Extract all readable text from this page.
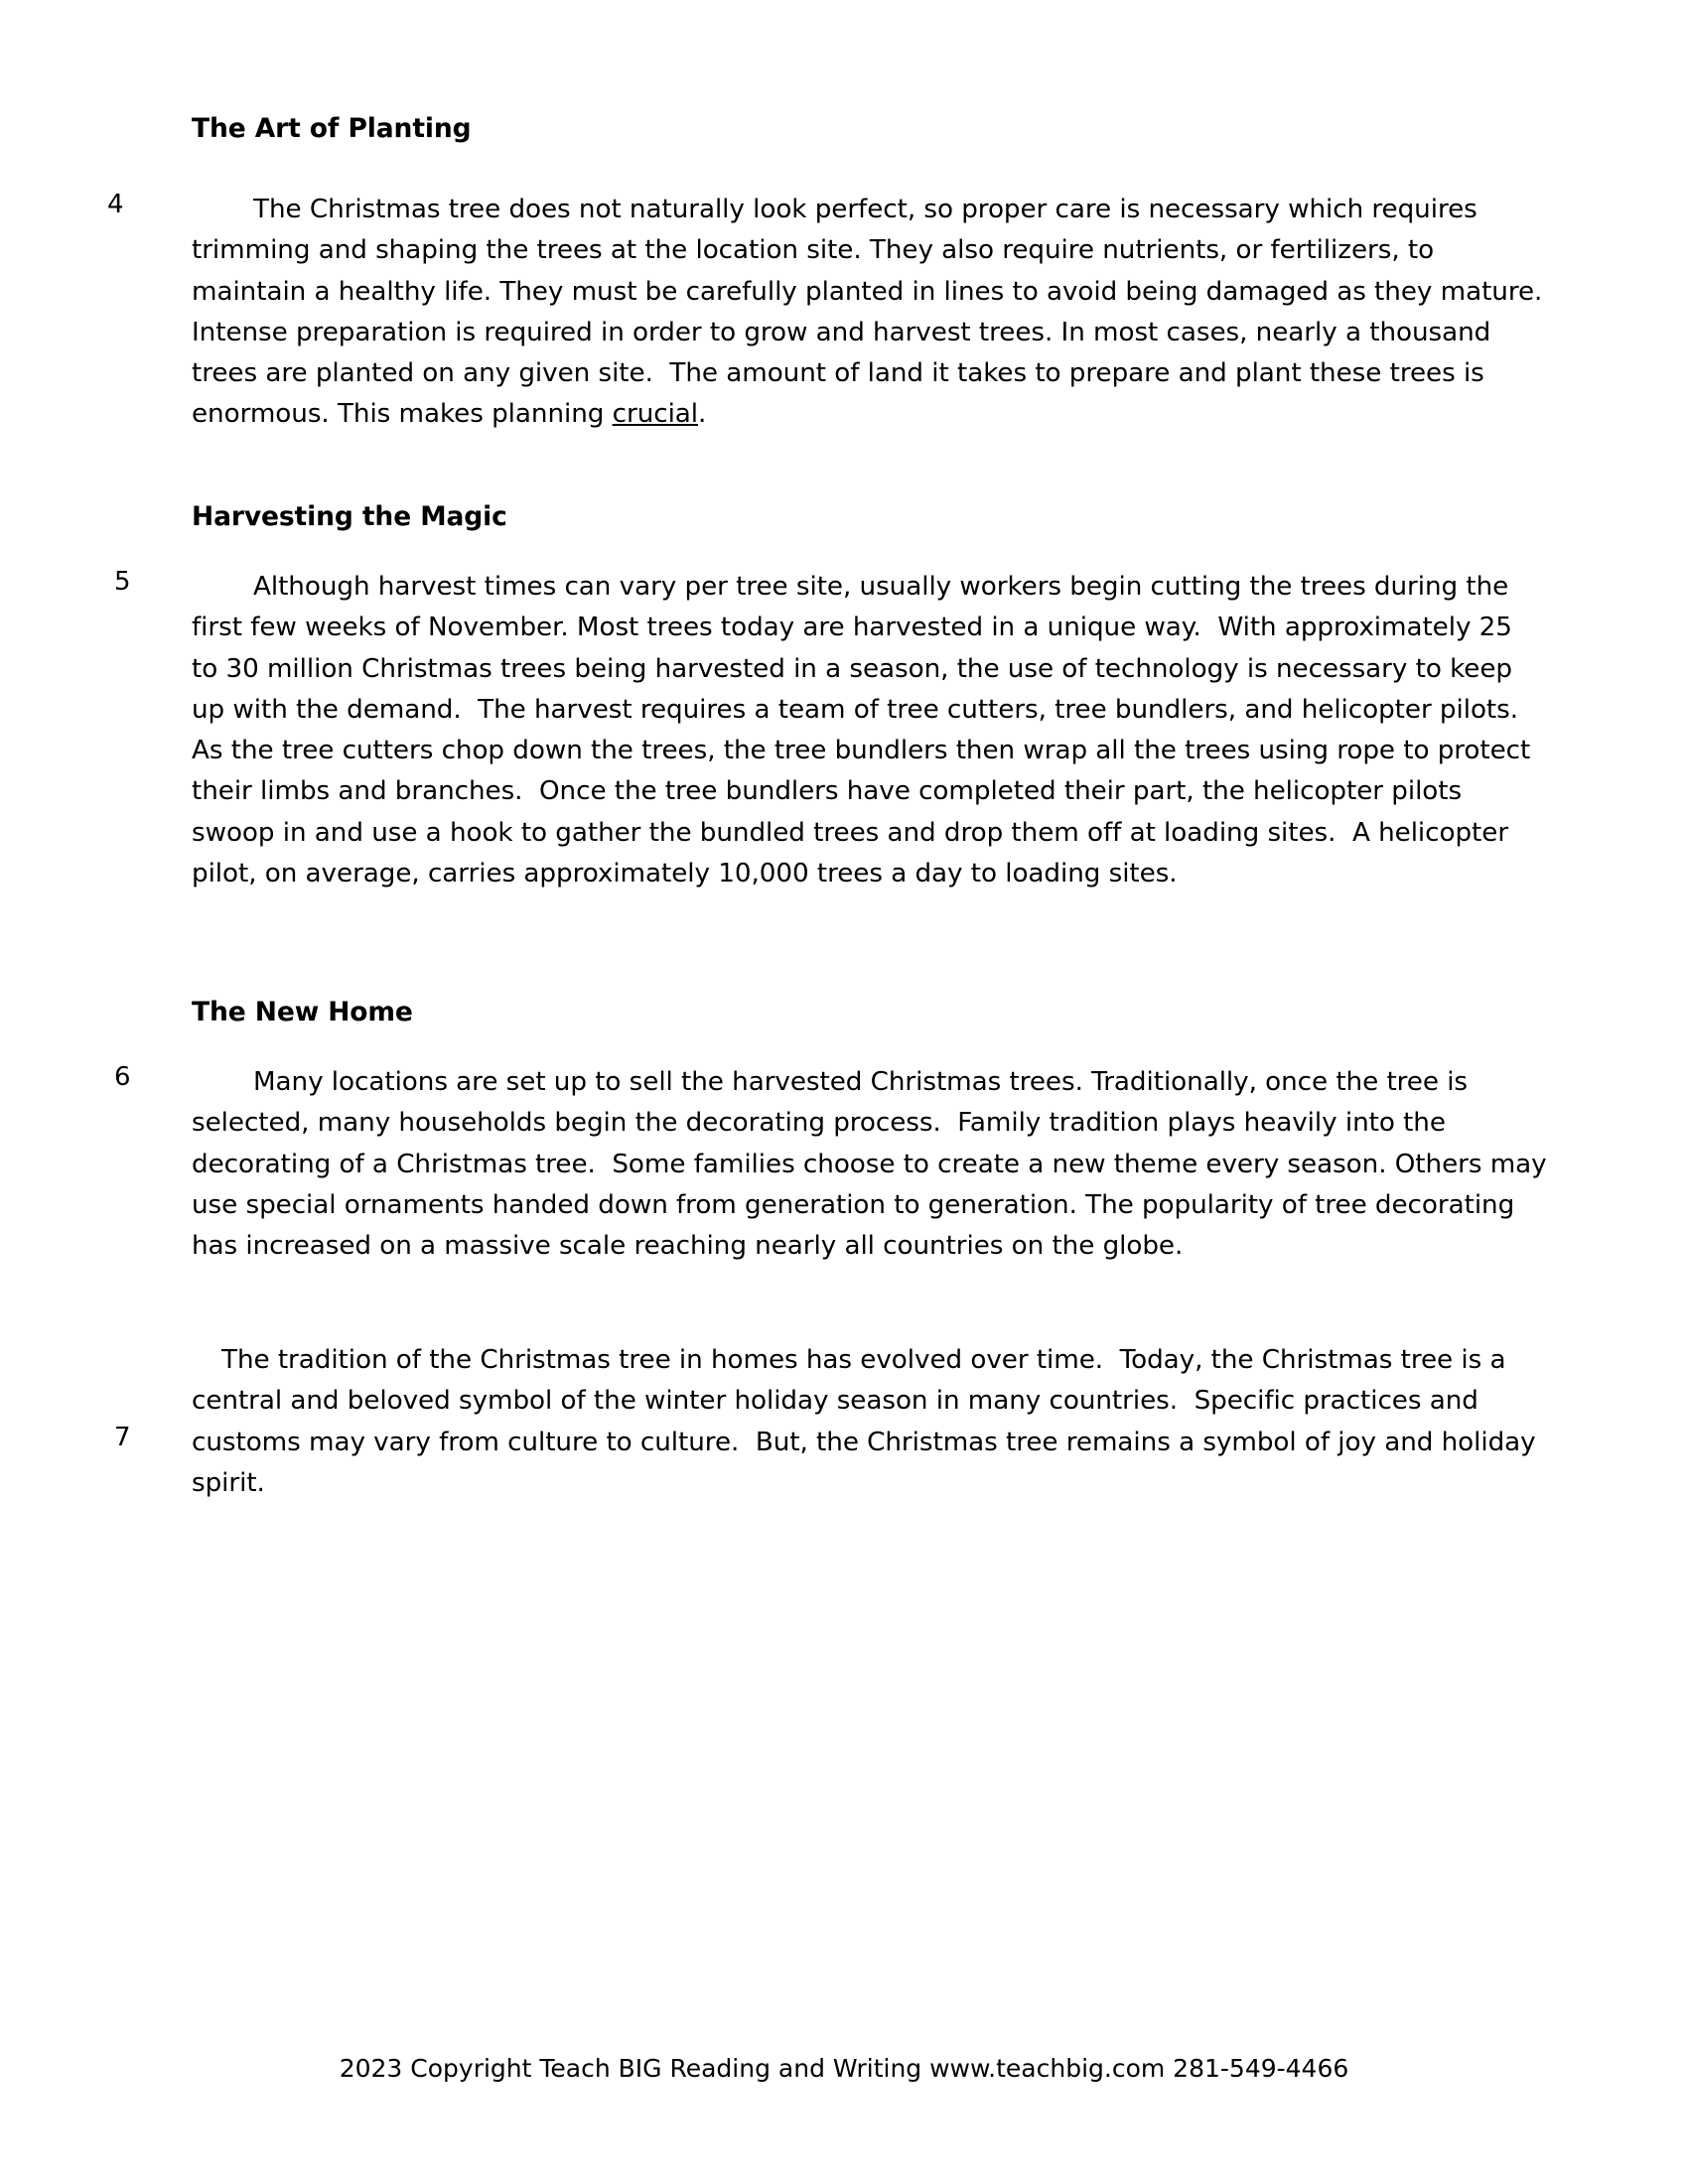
The Art of Planting
4	The Christmas tree does not naturally look perfect, so proper care is necessary which requires trimming and shaping the trees at the location site. They also require nutrients, or fertilizers, to maintain a healthy life. They must be carefully planted in lines to avoid being damaged as they mature.  Intense preparation is required in order to grow and harvest trees. In most cases, nearly a thousand trees are planted on any given site.  The amount of land it takes to prepare and plant these trees is enormous. This makes planning crucial.
Harvesting the Magic
5	Although harvest times can vary per tree site, usually workers begin cutting the trees during the first few weeks of November. Most trees today are harvested in a unique way.  With approximately 25 to 30 million Christmas trees being harvested in a season, the use of technology is necessary to keep up with the demand.  The harvest requires a team of tree cutters, tree bundlers, and helicopter pilots.  As the tree cutters chop down the trees, the tree bundlers then wrap all the trees using rope to protect their limbs and branches.  Once the tree bundlers have completed their part, the helicopter pilots swoop in and use a hook to gather the bundled trees and drop them off at loading sites.  A helicopter pilot, on average, carries approximately 10,000 trees a day to loading sites.
The New Home
6	Many locations are set up to sell the harvested Christmas trees. Traditionally, once the tree is selected, many households begin the decorating process.  Family tradition plays heavily into the decorating of a Christmas tree.  Some families choose to create a new theme every season. Others may use special ornaments handed down from generation to generation. The popularity of tree decorating has increased on a massive scale reaching nearly all countries on the globe.
7
The tradition of the Christmas tree in homes has evolved over time.  Today, the Christmas tree is a central and beloved symbol of the winter holiday season in many countries.  Specific practices and customs may vary from culture to culture.  But, the Christmas tree remains a symbol of joy and holiday spirit.
2023 Copyright Teach BIG Reading and Writing www.teachbig.com 281-549-4466
